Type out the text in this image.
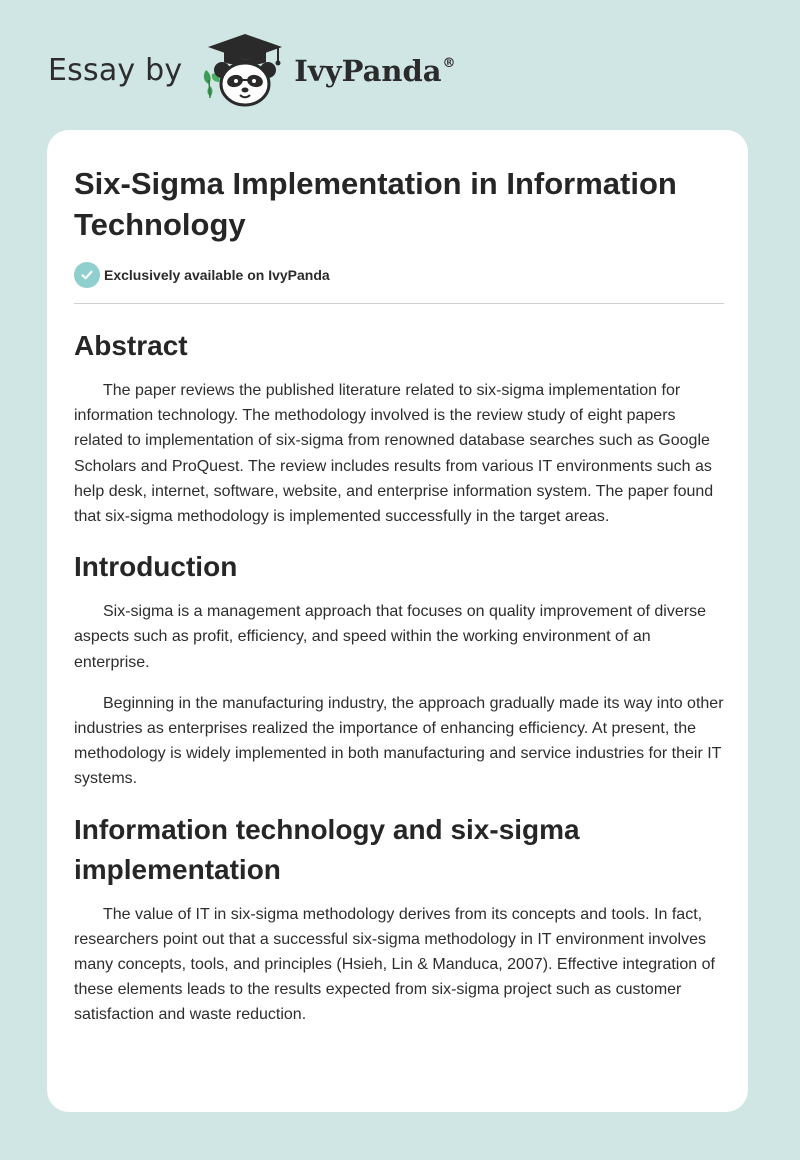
Essay by	IvyPanda®
Six-Sigma Implementation in Information Technology
Exclusively available on IvyPanda
Abstract

The paper reviews the published literature related to six-sigma implementation for information technology. The methodology involved is the review study of eight papers related to implementation of six-sigma from renowned database searches such as Google Scholars and ProQuest. The review includes results from various IT environments such as help desk, internet, software, website, and enterprise information system. The paper found that six-sigma methodology is implemented successfully in the target areas.

Introduction

Six-sigma is a management approach that focuses on quality improvement of diverse aspects such as profit, efficiency, and speed within the working environment of an enterprise.

Beginning in the manufacturing industry, the approach gradually made its way into other industries as enterprises realized the importance of enhancing efficiency. At present, the methodology is widely implemented in both manufacturing and service industries for their IT systems.

Information technology and six-sigma implementation

The value of IT in six-sigma methodology derives from its concepts and tools. In fact, researchers point out that a successful six-sigma methodology in IT environment involves many concepts, tools, and principles (Hsieh, Lin & Manduca, 2007). Effective integration of these elements leads to the results expected from six-sigma project such as customer satisfaction and waste reduction.
